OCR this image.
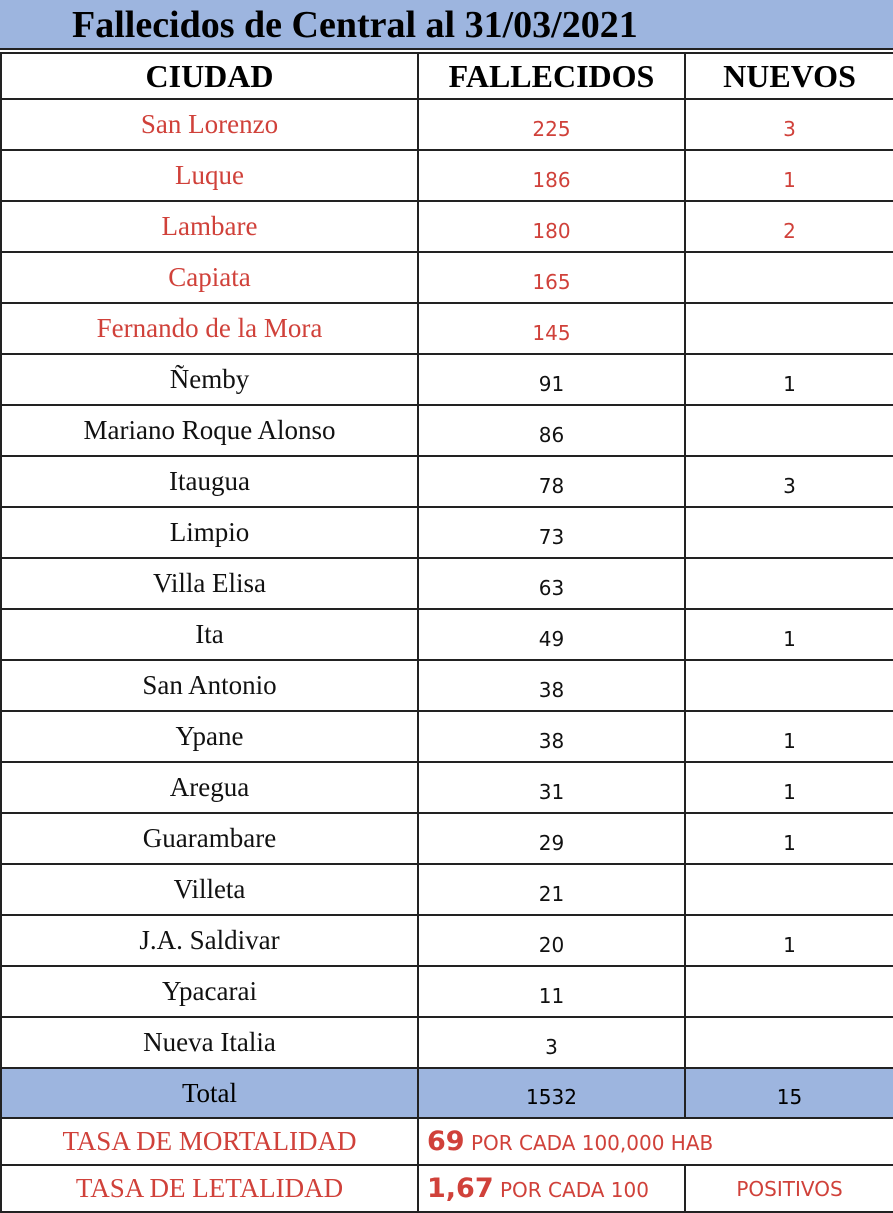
Fallecidos de Central al 31/03/2021
CIUDAD	FALLECIDOS	NUEVOS
San Lorenzo	225	3
Luque	186	1
Lambare	180	2
Capiata	165	
Fernando de la Mora	145	
Ñemby	91	1
Mariano Roque Alonso	86	
Itaugua	78	3
Limpio	73	
Villa Elisa	63	
Ita	49	1
San Antonio	38	
Ypane	38	1
Aregua	31	1
Guarambare	29	1
Villeta	21	
J.A. Saldivar	20	1
Ypacarai	11	
Nueva Italia	3	
Total	1532	15
TASA DE MORTALIDAD	69 POR CADA 100,000 HAB	
TASA DE LETALIDAD	1,67 POR CADA 100	POSITIVOS
